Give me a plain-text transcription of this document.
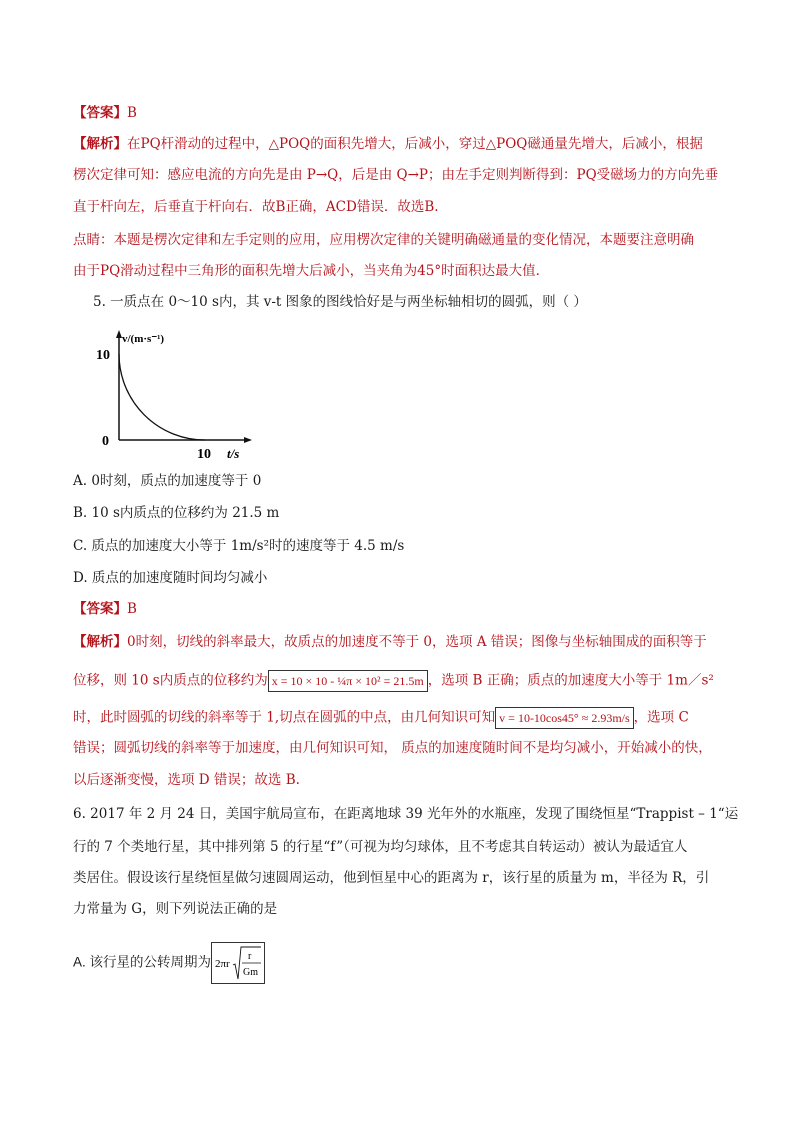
【答案】B
【解析】在PQ杆滑动的过程中，△POQ的面积先增大，后减小，穿过△POQ磁通量先增大，后减小，根据
楞次定律可知：感应电流的方向先是由 P→Q，后是由 Q→P；由左手定则判断得到：PQ受磁场力的方向先垂
直于杆向左，后垂直于杆向右．故B正确，ACD错误．故选B.
点睛：本题是楞次定律和左手定则的应用，应用楞次定律的关键明确磁通量的变化情况，本题要注意明确
由于PQ滑动过程中三角形的面积先增大后减小，当夹角为45°时面积达最大值．
5. 一质点在 0～10 s内，其 v-t 图象的图线恰好是与两坐标轴相切的圆弧，则（ ）
v/(m·s⁻¹)
10
0
10 t/s
A. 0时刻，质点的加速度等于 0
B. 10 s内质点的位移约为 21.5 m
C. 质点的加速度大小等于 1m/s²时的速度等于 4.5 m/s
D. 质点的加速度随时间均匀减小
【答案】B
【解析】0时刻，切线的斜率最大，故质点的加速度不等于 0，选项 A 错误；图像与坐标轴围成的面积等于
位移，则 10 s内质点的位移约为 x = 10 × 10 - ¼π × 10² = 21.5m ，选项 B 正确；质点的加速度大小等于 1m／s²
时，此时圆弧的切线的斜率等于 1,切点在圆弧的中点，由几何知识可知 v = 10-10cos45° ≈ 2.93m/s ，选项 C
错误；圆弧切线的斜率等于加速度，由几何知识可知， 质点的加速度随时间不是均匀减小，开始减小的快，
以后逐渐变慢，选项 D 错误；故选 B.
6. 2017 年 2 月 24 日，美国宇航局宣布，在距离地球 39 光年外的水瓶座，发现了围绕恒星“Trappist – 1“运
行的 7 个类地行星，其中排列第 5 的行星“f”（可视为均匀球体，且不考虑其自转运动）被认为最适宜人
类居住。假设该行星绕恒星做匀速圆周运动，他到恒星中心的距离为 r，该行星的质量为 m，半径为 R，引
力常量为 G，则下列说法正确的是
A. 该行星的公转周期为 2πr
r
Gm
